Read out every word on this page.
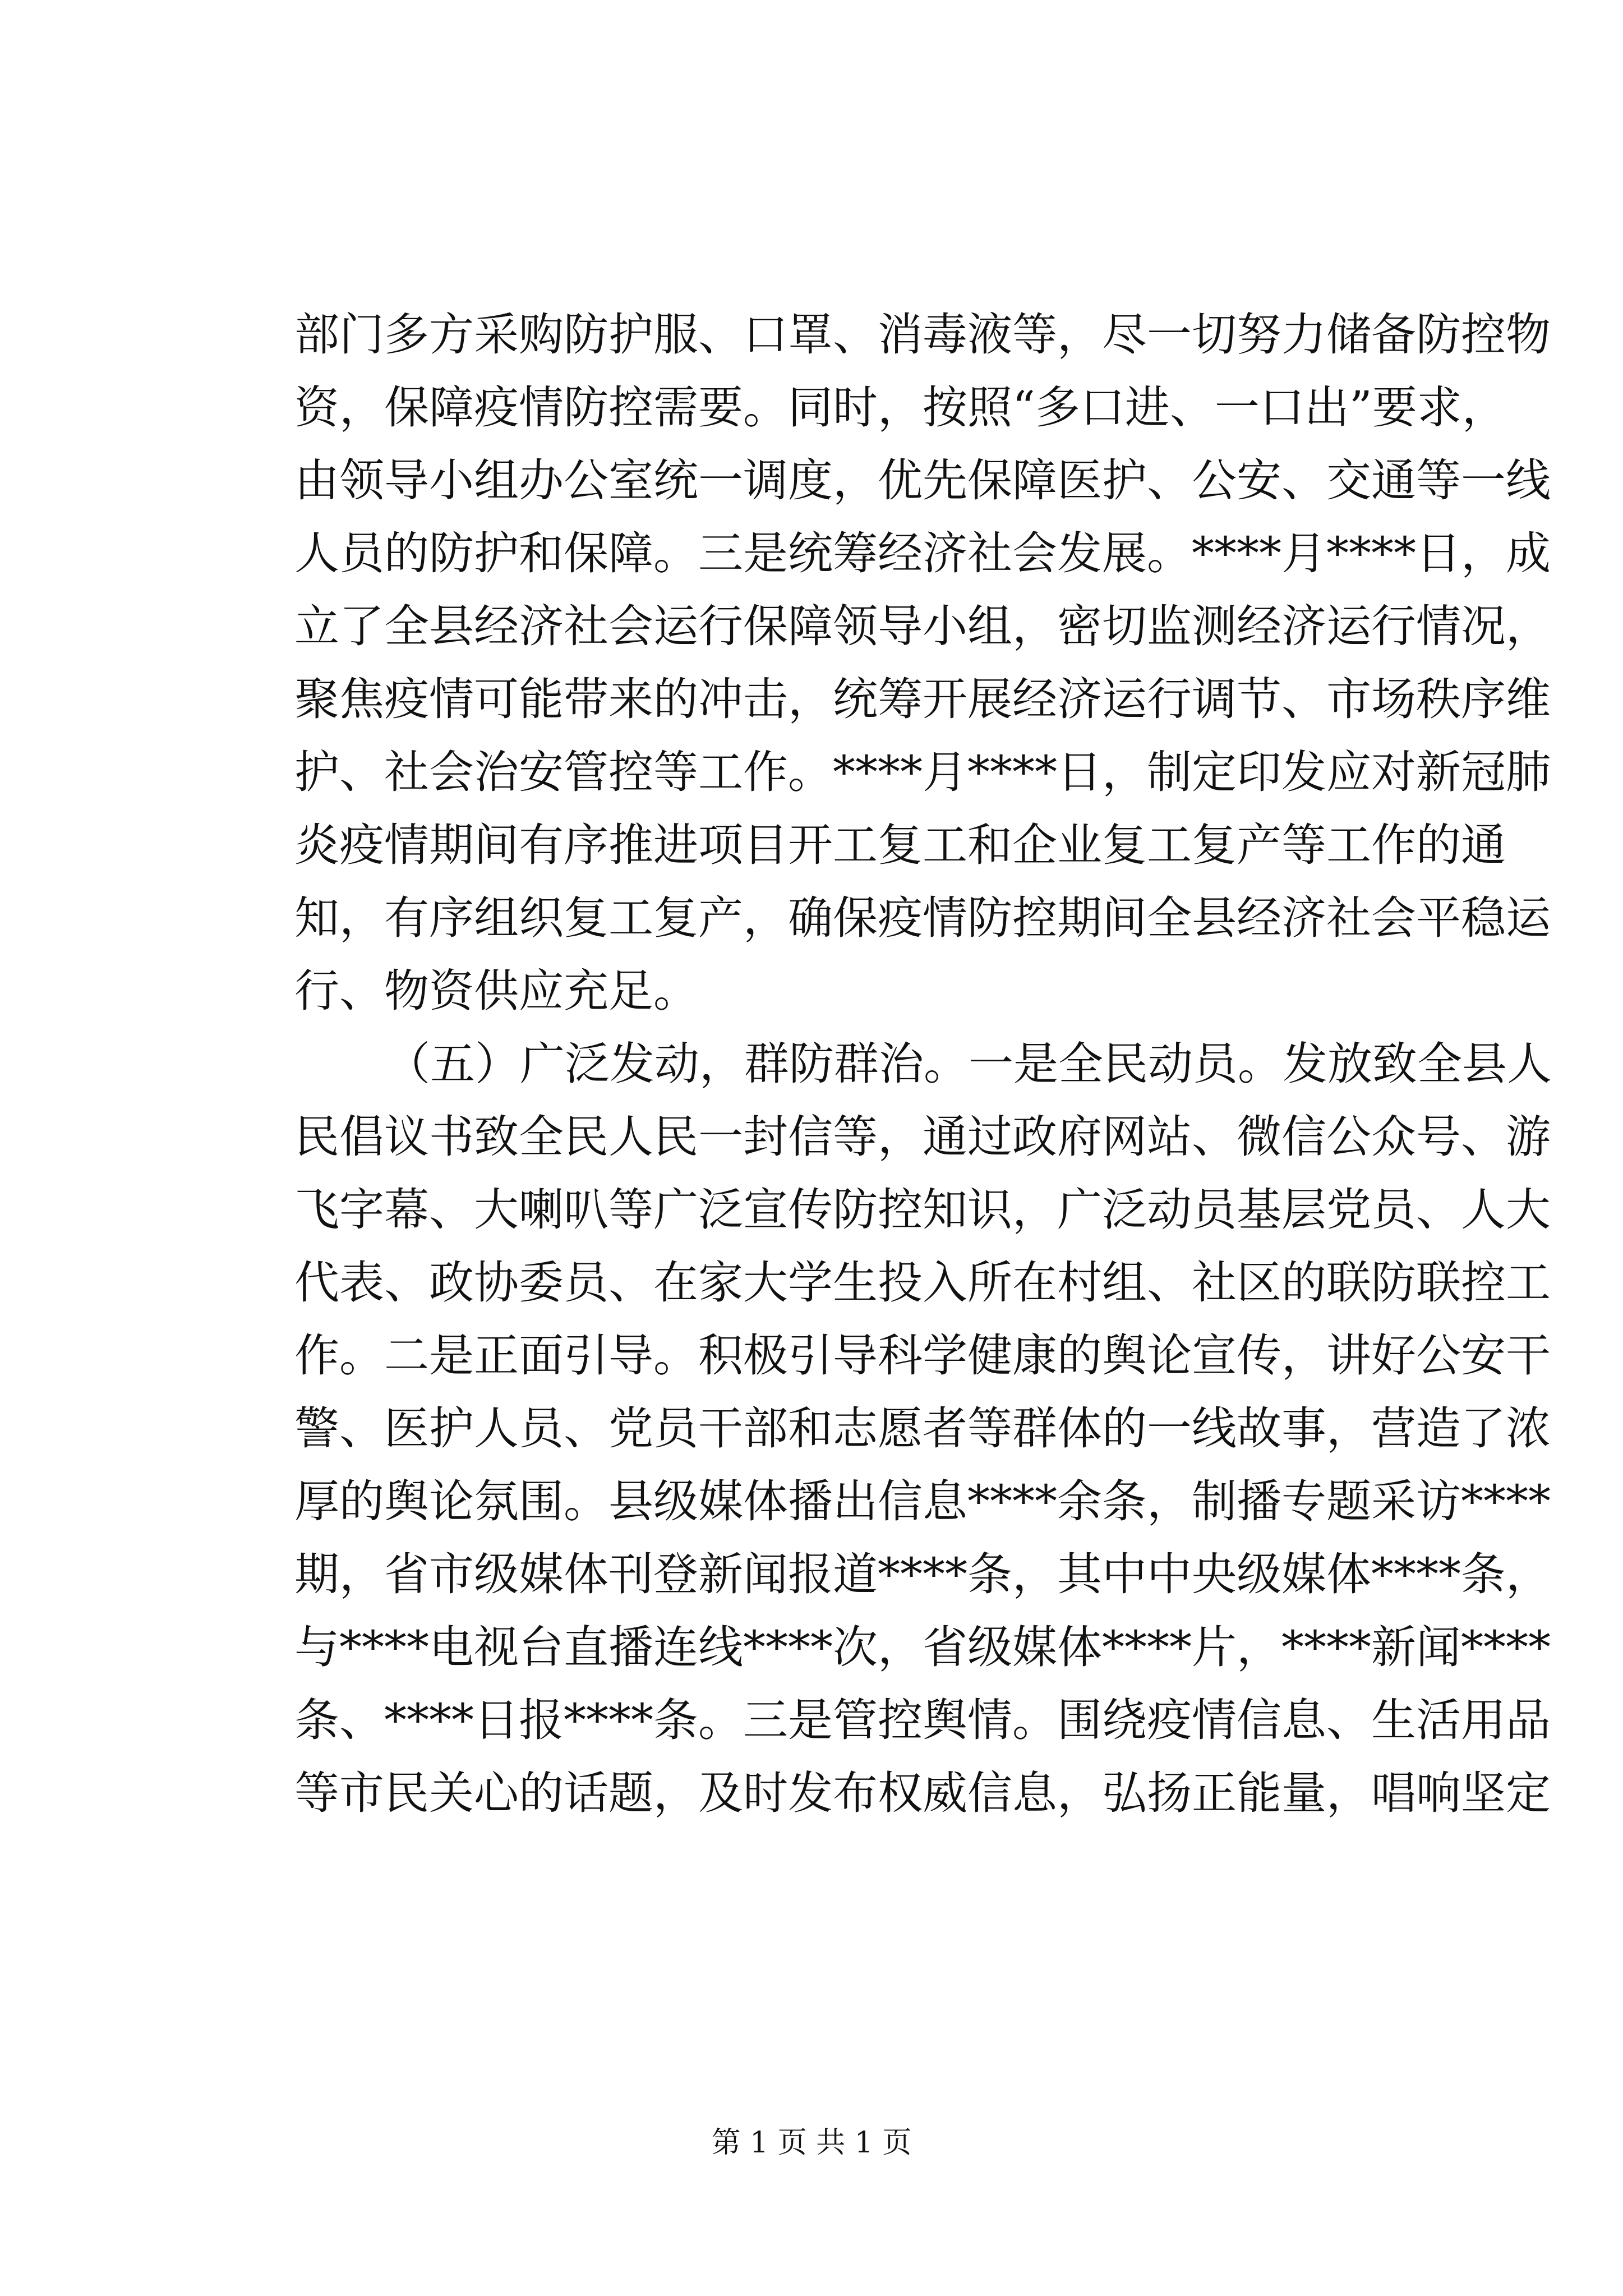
部门多方采购防护服、口罩、消毒液等，尽一切努力储备防控物
资，保障疫情防控需要。同时，按照“多口进、一口出”要求，
由领导小组办公室统一调度，优先保障医护、公安、交通等一线
人员的防护和保障。三是统筹经济社会发展。****月****日，成
立了全县经济社会运行保障领导小组，密切监测经济运行情况，
聚焦疫情可能带来的冲击，统筹开展经济运行调节、市场秩序维
护、社会治安管控等工作。****月****日，制定印发应对新冠肺
炎疫情期间有序推进项目开工复工和企业复工复产等工作的通
知，有序组织复工复产，确保疫情防控期间全县经济社会平稳运
行、物资供应充足。
（五）广泛发动，群防群治。一是全民动员。发放致全县人
民倡议书致全民人民一封信等，通过政府网站、微信公众号、游
飞字幕、大喇叭等广泛宣传防控知识，广泛动员基层党员、人大
代表、政协委员、在家大学生投入所在村组、社区的联防联控工
作。二是正面引导。积极引导科学健康的舆论宣传，讲好公安干
警、医护人员、党员干部和志愿者等群体的一线故事，营造了浓
厚的舆论氛围。县级媒体播出信息****余条，制播专题采访****
期，省市级媒体刊登新闻报道****条，其中中央级媒体****条，
与****电视台直播连线****次，省级媒体****片，****新闻****
条、****日报****条。三是管控舆情。围绕疫情信息、生活用品
等市民关心的话题，及时发布权威信息，弘扬正能量，唱响坚定
第 1 页 共 1 页
